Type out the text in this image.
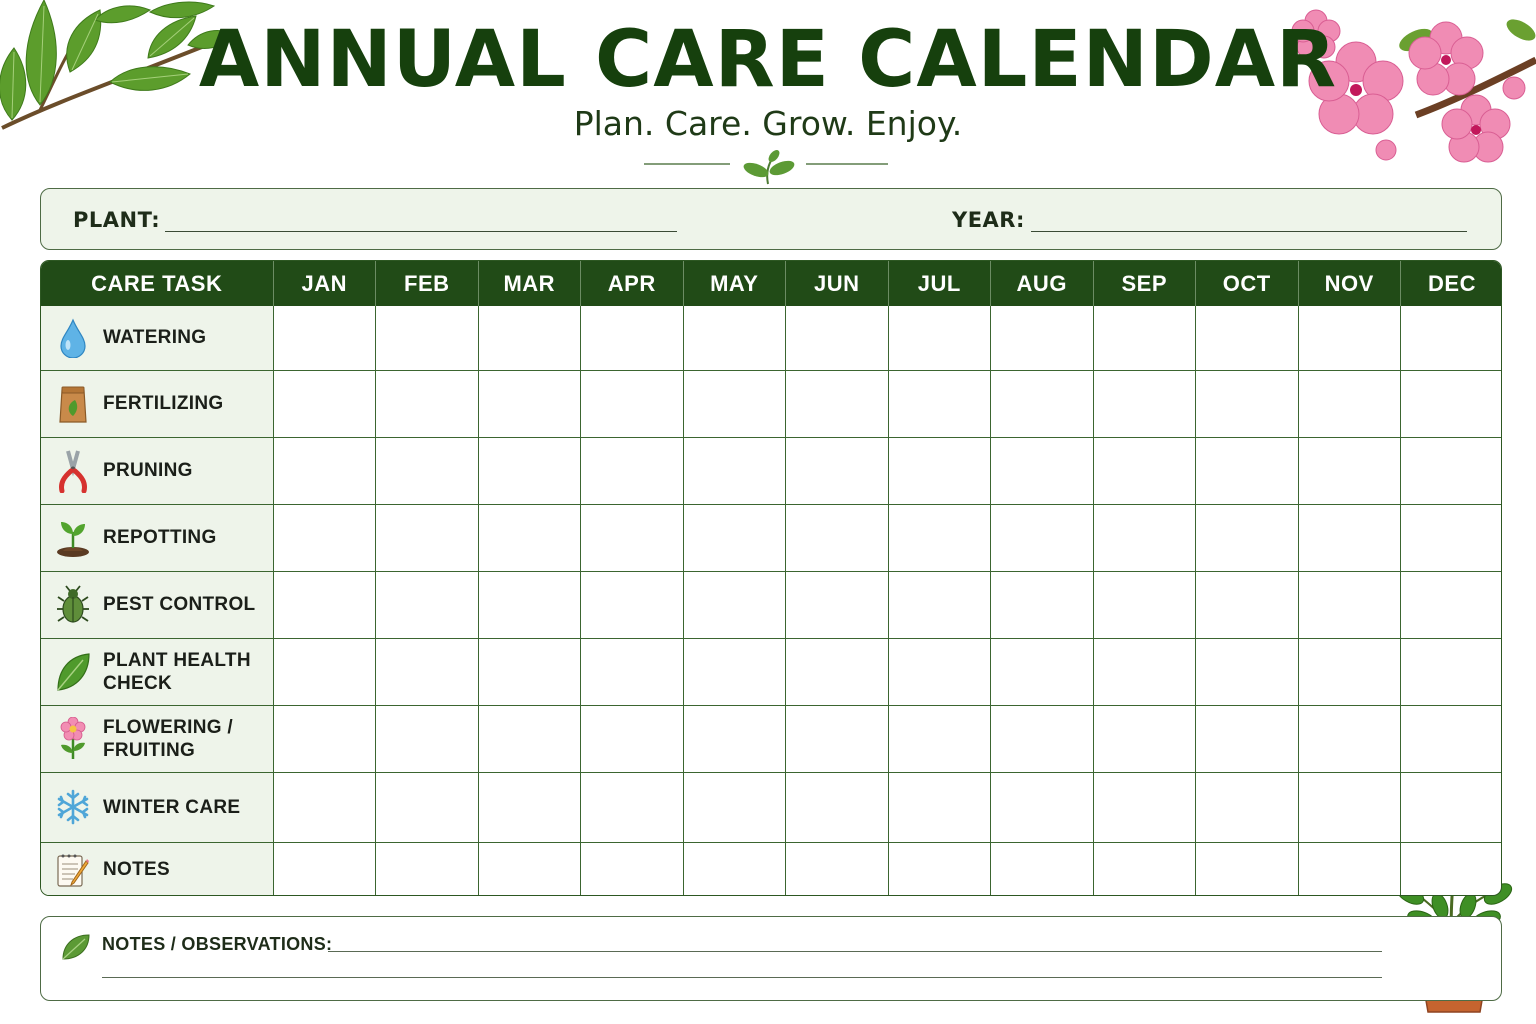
ANNUAL CARE CALENDAR
Plan. Care. Grow. Enjoy.
PLANT:	YEAR:
CARE TASK	JAN	FEB	MAR	APR	MAY	JUN	JUL	AUG	SEP	OCT	NOV	DEC

WATERING												

FERTILIZING												

PRUNING												

REPOTTING												

PEST CONTROL												

PLANT HEALTH CHECK												

FLOWERING / FRUITING												

WINTER CARE												

NOTES												

NOTES / OBSERVATIONS:
